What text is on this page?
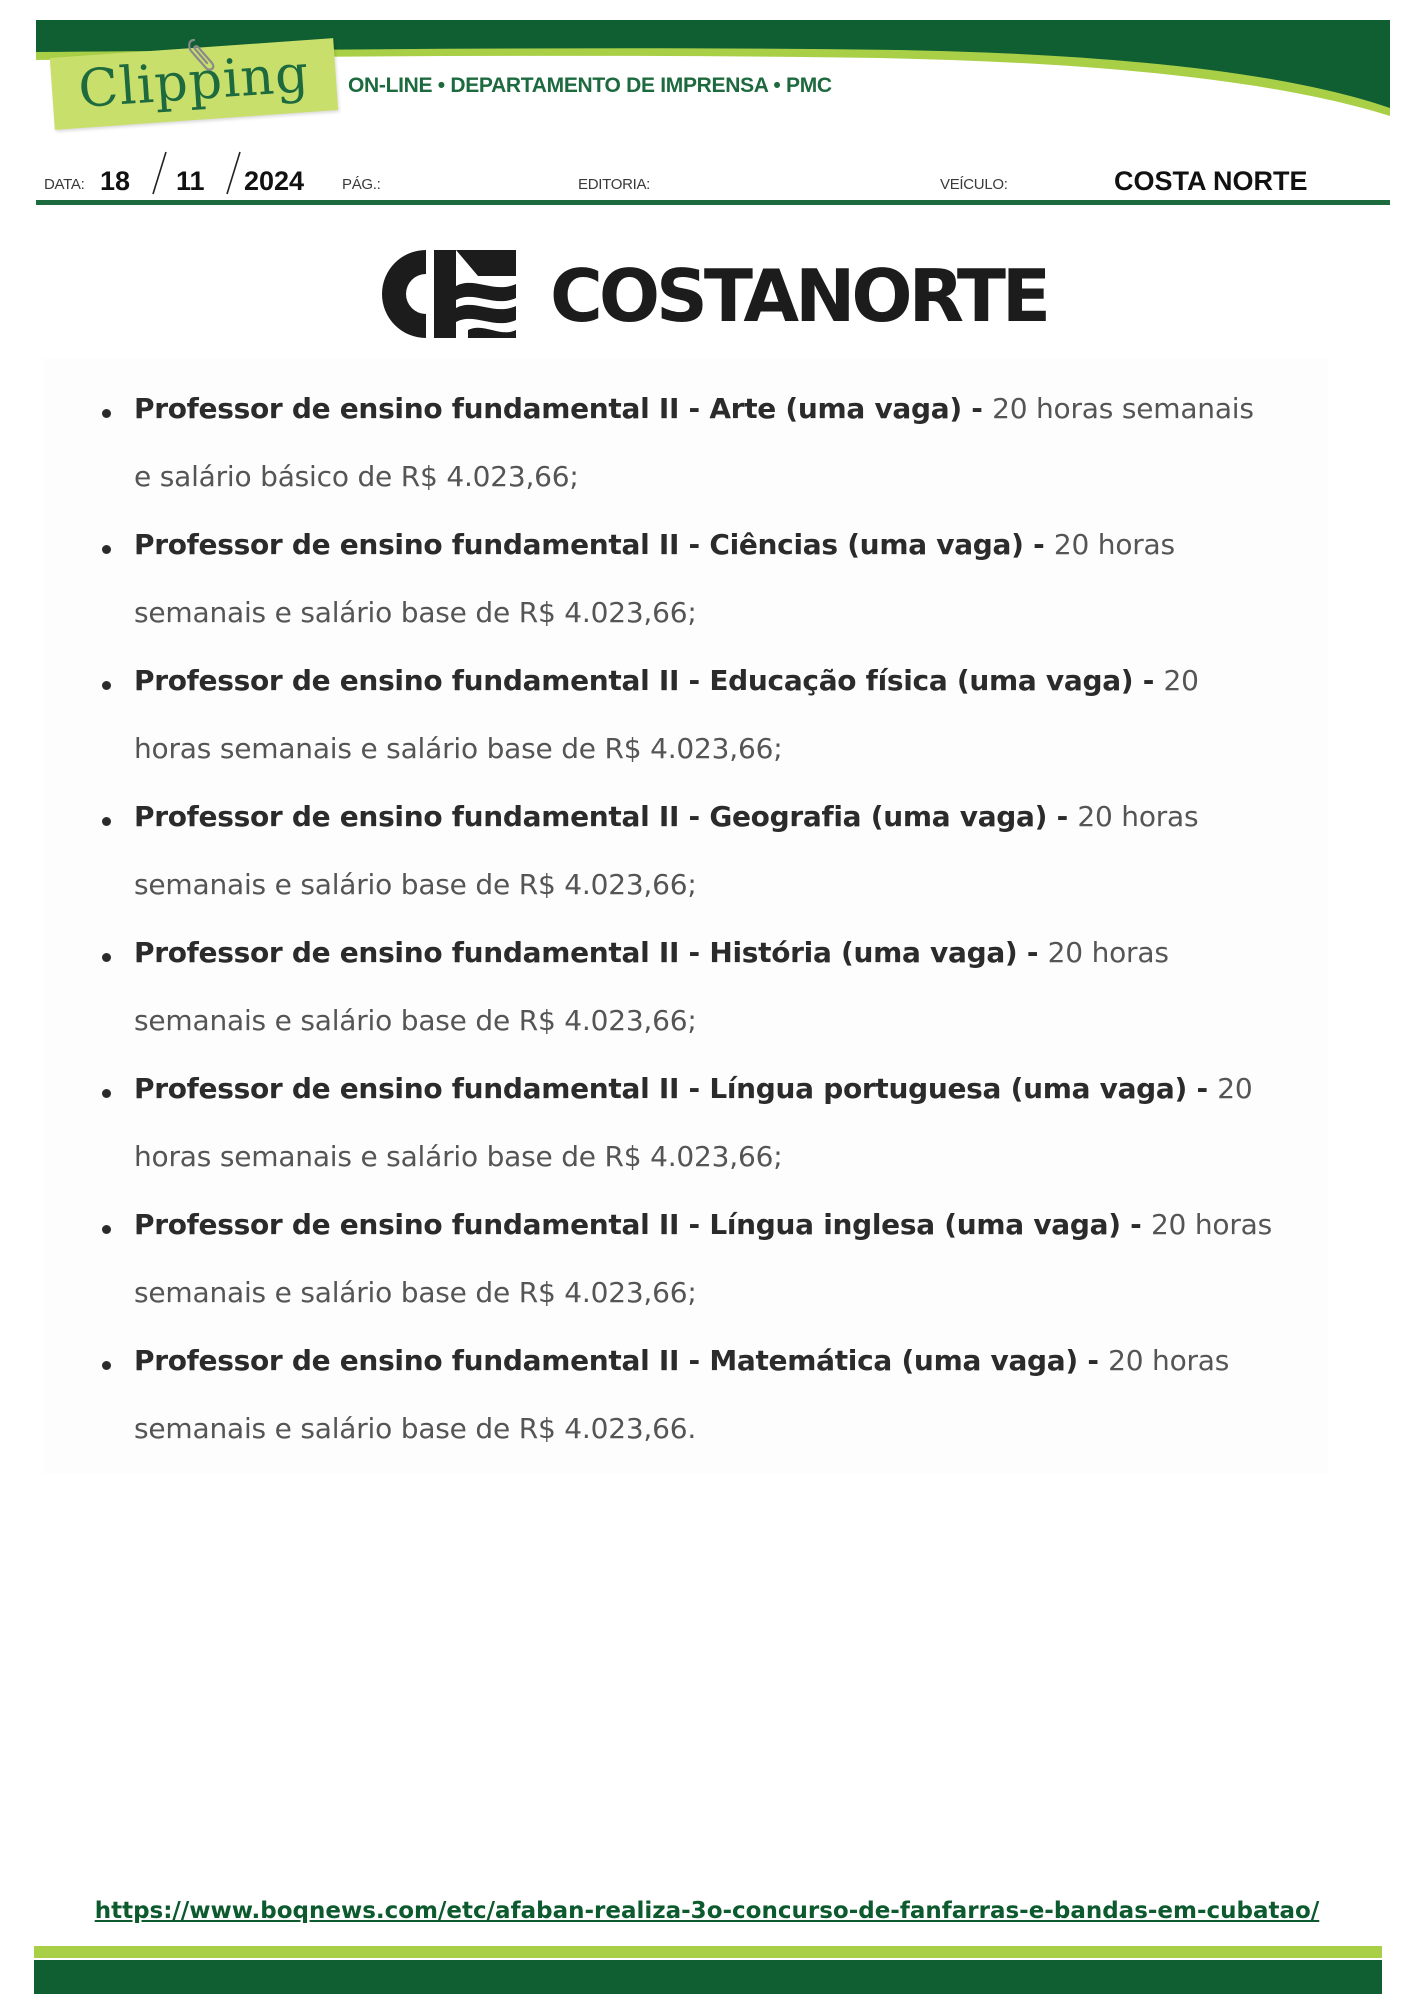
Clipping	ON-LINE • DEPARTAMENTO DE IMPRENSA • PMC
DATA: 18 11 2024	PÁG.:	EDITORIA:	VEÍCULO:	COSTA NORTE
COSTANORTE
Professor de ensino fundamental II - Arte (uma vaga) - 20 horas semanais
e salário básico de R$ 4.023,66;
Professor de ensino fundamental II - Ciências (uma vaga) - 20 horas
semanais e salário base de R$ 4.023,66;
Professor de ensino fundamental II - Educação física (uma vaga) - 20
horas semanais e salário base de R$ 4.023,66;
Professor de ensino fundamental II - Geografia (uma vaga) - 20 horas
semanais e salário base de R$ 4.023,66;
Professor de ensino fundamental II - História (uma vaga) - 20 horas
semanais e salário base de R$ 4.023,66;
Professor de ensino fundamental II - Língua portuguesa (uma vaga) - 20
horas semanais e salário base de R$ 4.023,66;
Professor de ensino fundamental II - Língua inglesa (uma vaga) - 20 horas
semanais e salário base de R$ 4.023,66;
Professor de ensino fundamental II - Matemática (uma vaga) - 20 horas
semanais e salário base de R$ 4.023,66.
https://www.boqnews.com/etc/afaban-realiza-3o-concurso-de-fanfarras-e-bandas-em-cubatao/
